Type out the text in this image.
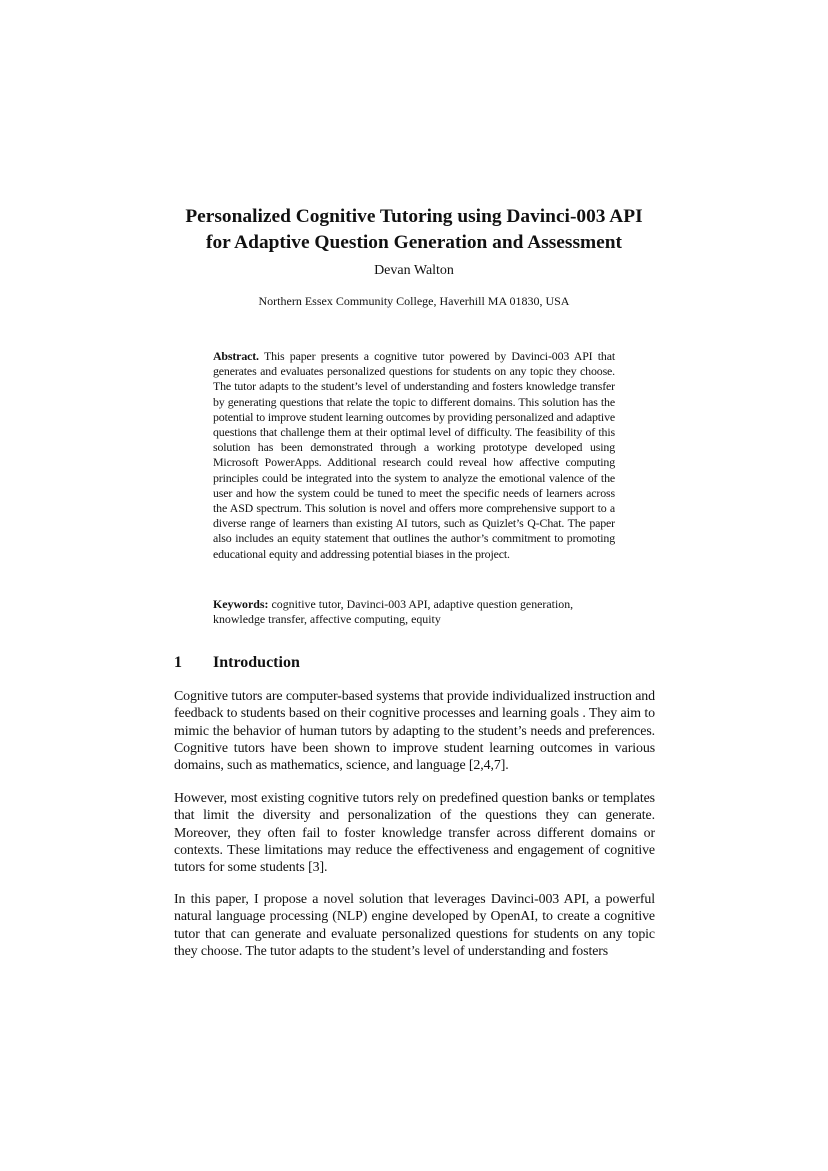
Personalized Cognitive Tutoring using Davinci-003 API
for Adaptive Question Generation and Assessment
Devan Walton
Northern Essex Community College, Haverhill MA 01830, USA
Abstract. This paper presents a cognitive tutor powered by Davinci-003 API that generates and evaluates personalized questions for students on any topic they choose. The tutor adapts to the student’s level of understanding and fosters knowledge transfer by generating questions that relate the topic to different domains. This solution has the potential to improve student learning outcomes by providing personalized and adaptive questions that challenge them at their optimal level of difficulty. The feasibility of this solution has been demonstrated through a working prototype developed using Microsoft PowerApps. Additional research could reveal how affective computing principles could be integrated into the system to analyze the emotional valence of the user and how the system could be tuned to meet the specific needs of learners across the ASD spectrum. This solution is novel and offers more comprehensive support to a diverse range of learners than existing AI tutors, such as Quizlet’s Q-Chat. The paper also includes an equity statement that outlines the author’s commitment to promoting educational equity and addressing potential biases in the project.
Keywords: cognitive tutor, Davinci-003 API, adaptive question generation, knowledge transfer, affective computing, equity
1 Introduction
Cognitive tutors are computer-based systems that provide individualized instruction and feedback to students based on their cognitive processes and learning goals . They aim to mimic the behavior of human tutors by adapting to the student’s needs and preferences. Cognitive tutors have been shown to improve student learning outcomes in various domains, such as mathematics, science, and language [2,4,7].
However, most existing cognitive tutors rely on predefined question banks or templates that limit the diversity and personalization of the questions they can generate. Moreover, they often fail to foster knowledge transfer across different domains or contexts. These limitations may reduce the effectiveness and engagement of cognitive tutors for some students [3].
In this paper, I propose a novel solution that leverages Davinci-003 API, a powerful natural language processing (NLP) engine developed by OpenAI, to create a cognitive tutor that can generate and evaluate personalized questions for students on any topic they choose. The tutor adapts to the student’s level of understanding and fosters
